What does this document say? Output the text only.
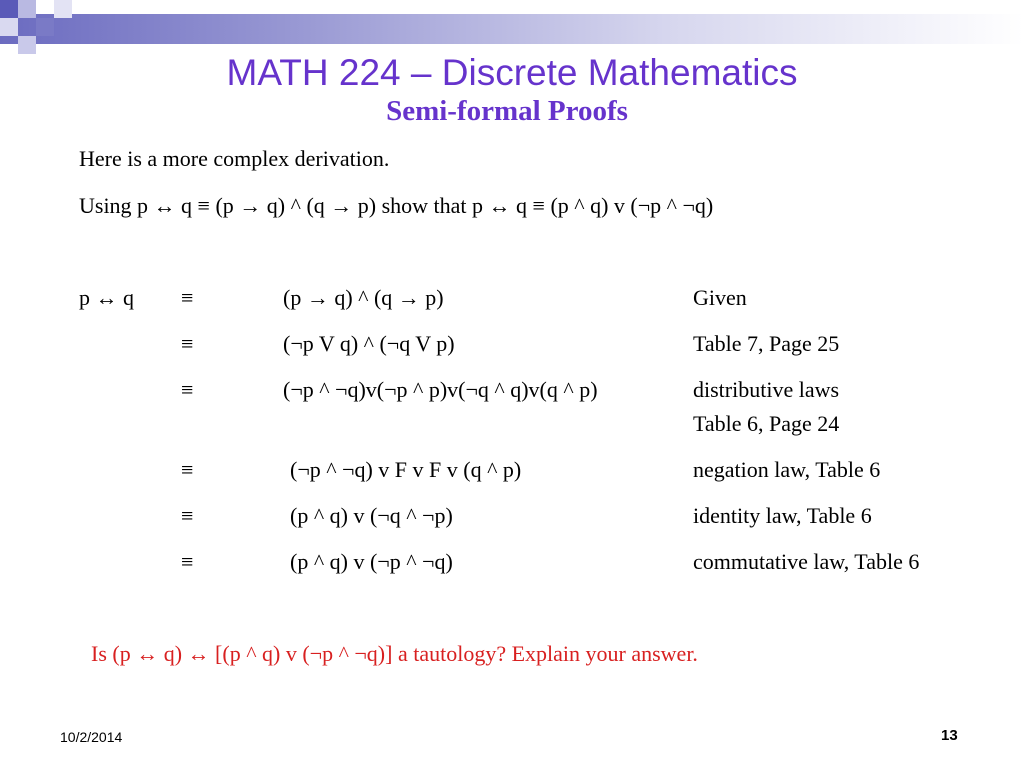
MATH 224 – Discrete Mathematics
Semi-formal Proofs
Here is a more complex derivation.
Using p ↔ q ≡ (p → q) ^ (q → p) show that p ↔ q ≡ (p ^ q) v (¬p ^ ¬q)
p ↔ q ≡	(p → q) ^ (q → p)	Given
≡	(¬p V q) ^ (¬q V p)	Table 7, Page 25
≡	(¬p ^ ¬q)v(¬p ^ p)v(¬q ^ q)v(q ^ p)	distributive laws
Table 6, Page 24
≡	(¬p ^ ¬q) v F v F v (q ^ p)	negation law, Table 6
≡	(p ^ q) v (¬q ^ ¬p)	identity law, Table 6
≡	(p ^ q) v (¬p ^ ¬q)	commutative law, Table 6
Is (p ↔ q) ↔ [(p ^ q) v (¬p ^ ¬q)] a tautology? Explain your answer.
10/2/2014	13
